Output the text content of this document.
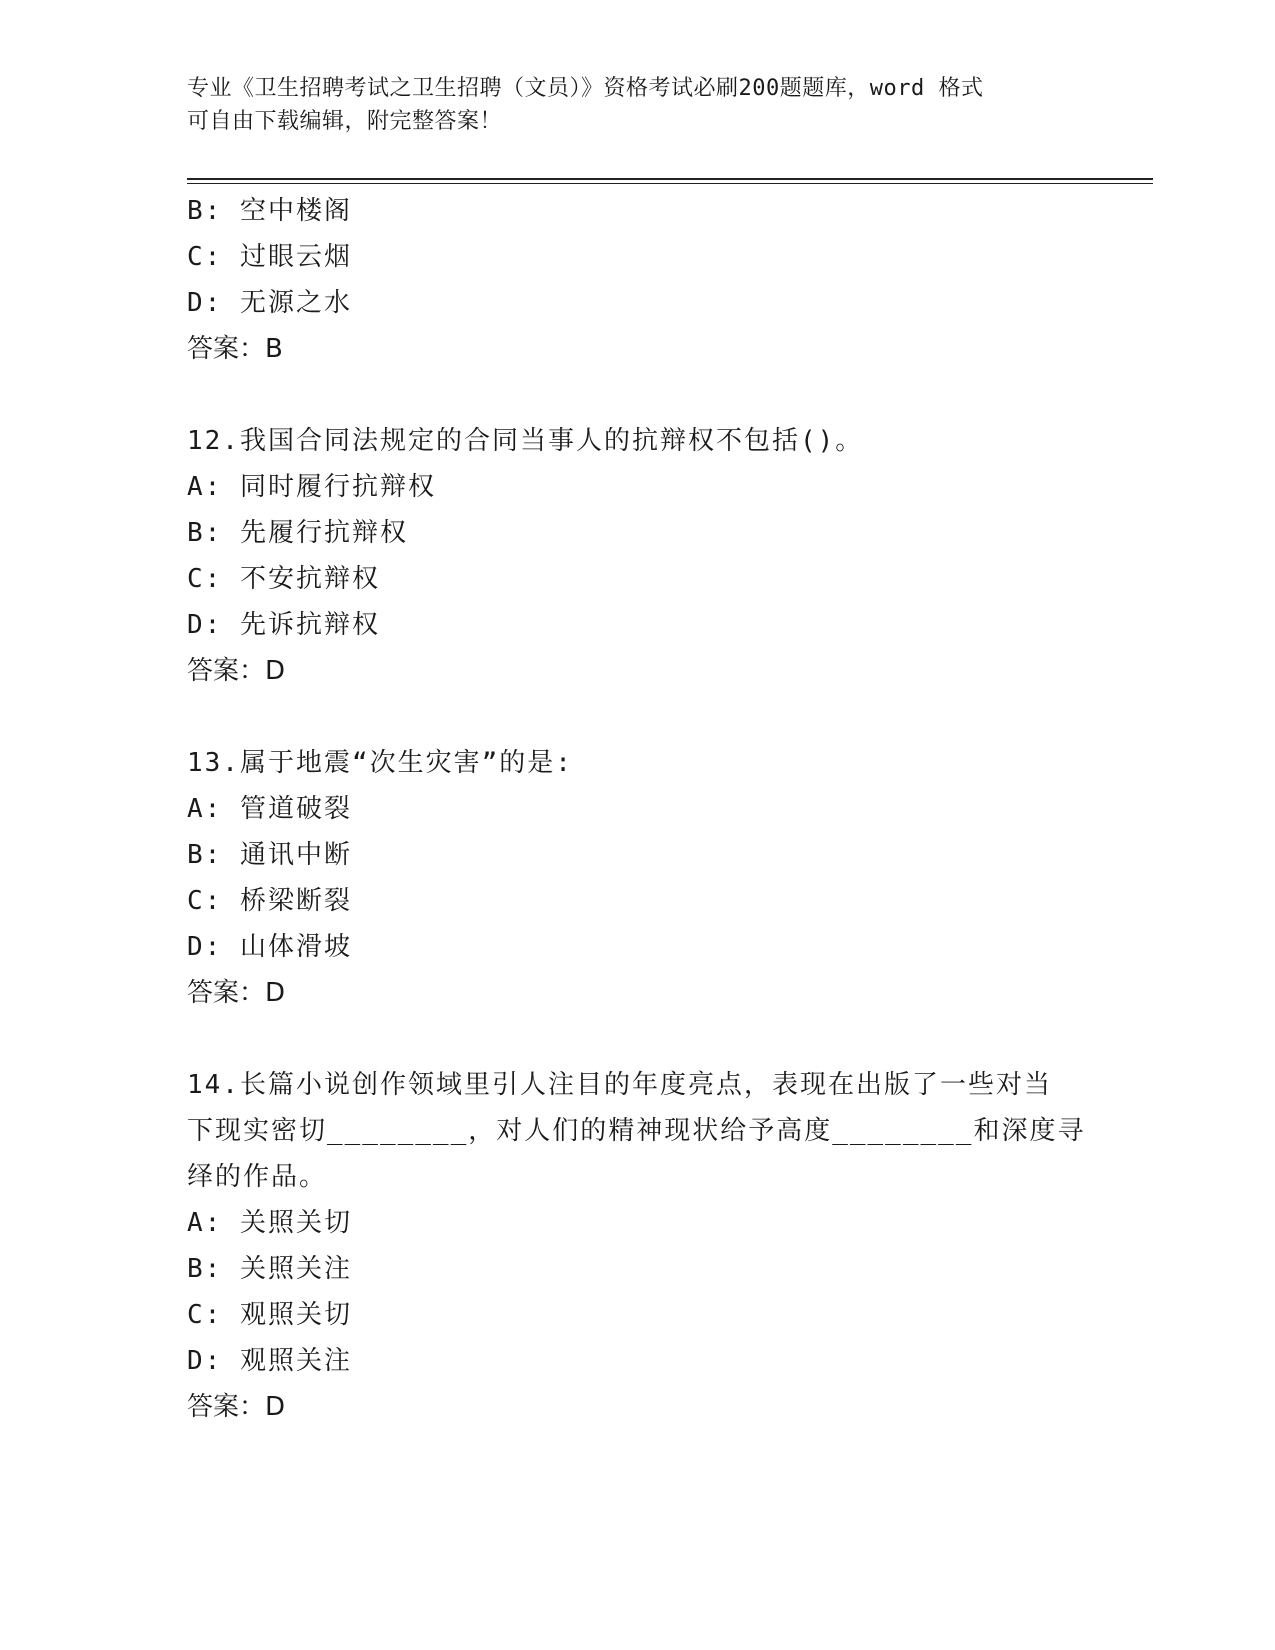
专业《卫生招聘考试之卫生招聘（文员）》资格考试必刷200题题库，word 格式
可自由下载编辑，附完整答案！
B: 空中楼阁
C: 过眼云烟
D: 无源之水
答案：B
12.我国合同法规定的合同当事人的抗辩权不包括()。
A: 同时履行抗辩权
B: 先履行抗辩权
C: 不安抗辩权
D: 先诉抗辩权
答案：D
13.属于地震“次生灾害”的是:
A: 管道破裂
B: 通讯中断
C: 桥梁断裂
D: 山体滑坡
答案：D
14.长篇小说创作领域里引人注目的年度亮点，表现在出版了一些对当
下现实密切________，对人们的精神现状给予高度________和深度寻
绎的作品。
A: 关照关切
B: 关照关注
C: 观照关切
D: 观照关注
答案：D
